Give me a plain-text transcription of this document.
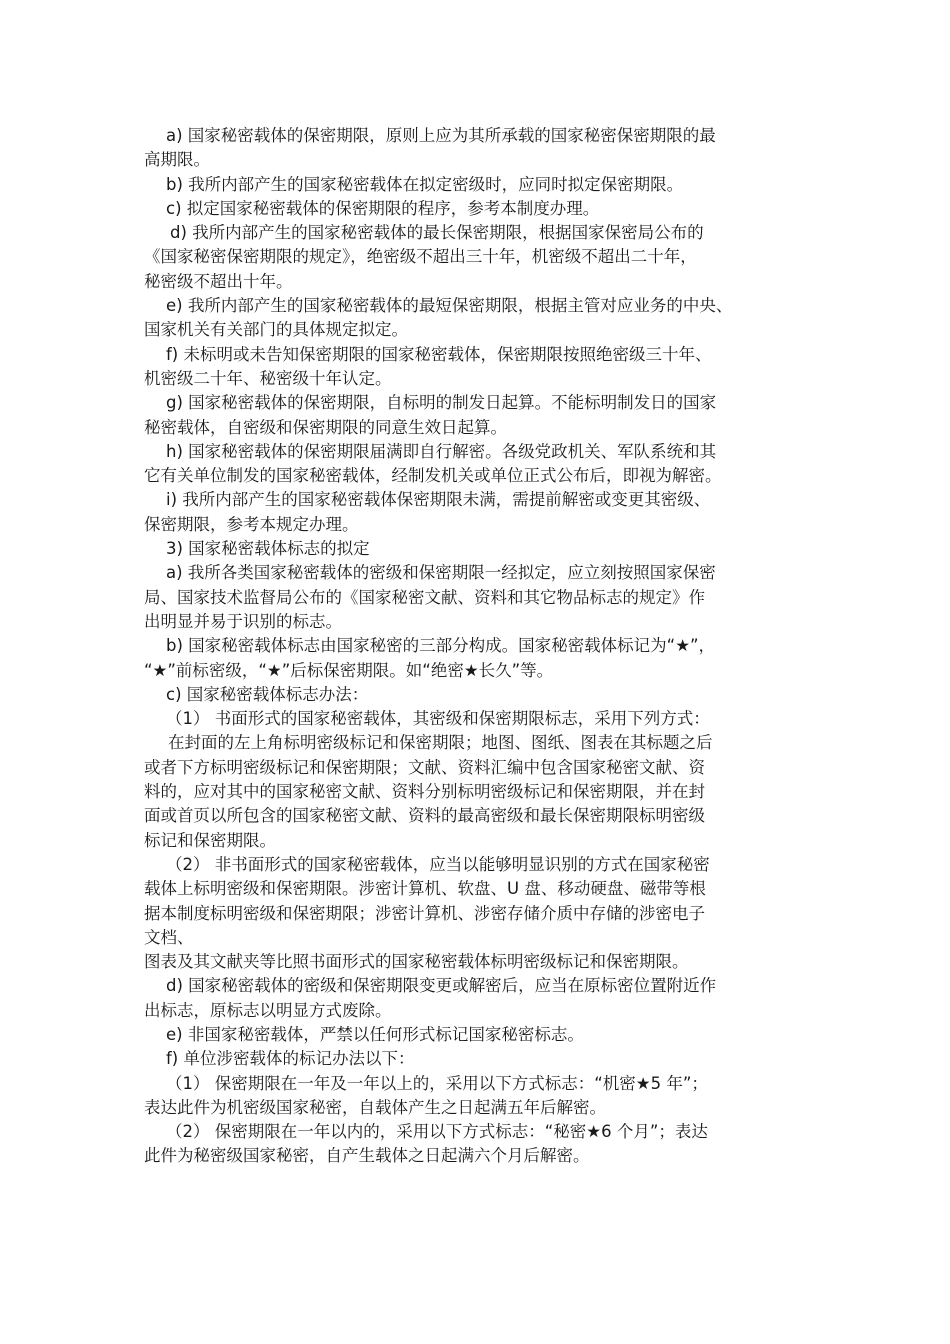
a) 国家秘密载体的保密期限，原则上应为其所承载的国家秘密保密期限的最
高期限。
b) 我所内部产生的国家秘密载体在拟定密级时，应同时拟定保密期限。
c) 拟定国家秘密载体的保密期限的程序，参考本制度办理。
d) 我所内部产生的国家秘密载体的最长保密期限，根据国家保密局公布的
《国家秘密保密期限的规定》，绝密级不超出三十年，机密级不超出二十年，
秘密级不超出十年。
e) 我所内部产生的国家秘密载体的最短保密期限，根据主管对应业务的中央、
国家机关有关部门的具体规定拟定。
f) 未标明或未告知保密期限的国家秘密载体，保密期限按照绝密级三十年、
机密级二十年、秘密级十年认定。
g) 国家秘密载体的保密期限，自标明的制发日起算。不能标明制发日的国家
秘密载体，自密级和保密期限的同意生效日起算。
h) 国家秘密载体的保密期限届满即自行解密。各级党政机关、军队系统和其
它有关单位制发的国家秘密载体，经制发机关或单位正式公布后，即视为解密。
i) 我所内部产生的国家秘密载体保密期限未满，需提前解密或变更其密级、
保密期限，参考本规定办理。
3) 国家秘密载体标志的拟定
a) 我所各类国家秘密载体的密级和保密期限一经拟定，应立刻按照国家保密
局、国家技术监督局公布的《国家秘密文献、资料和其它物品标志的规定》作
出明显并易于识别的标志。
b) 国家秘密载体标志由国家秘密的三部分构成。国家秘密载体标记为“★”，
“★”前标密级，“★”后标保密期限。如“绝密★长久”等。
c) 国家秘密载体标志办法：
（1） 书面形式的国家秘密载体，其密级和保密期限标志，采用下列方式：
在封面的左上角标明密级标记和保密期限；地图、图纸、图表在其标题之后
或者下方标明密级标记和保密期限；文献、资料汇编中包含国家秘密文献、资
料的，应对其中的国家秘密文献、资料分别标明密级标记和保密期限，并在封
面或首页以所包含的国家秘密文献、资料的最高密级和最长保密期限标明密级
标记和保密期限。
（2） 非书面形式的国家秘密载体，应当以能够明显识别的方式在国家秘密
载体上标明密级和保密期限。涉密计算机、软盘、U 盘、移动硬盘、磁带等根
据本制度标明密级和保密期限；涉密计算机、涉密存储介质中存储的涉密电子
文档、
图表及其文献夹等比照书面形式的国家秘密载体标明密级标记和保密期限。
d) 国家秘密载体的密级和保密期限变更或解密后，应当在原标密位置附近作
出标志，原标志以明显方式废除。
e) 非国家秘密载体，严禁以任何形式标记国家秘密标志。
f) 单位涉密载体的标记办法以下：
（1） 保密期限在一年及一年以上的，采用以下方式标志：“机密★5 年”；
表达此件为机密级国家秘密，自载体产生之日起满五年后解密。
（2） 保密期限在一年以内的，采用以下方式标志：“秘密★6 个月”；表达
此件为秘密级国家秘密，自产生载体之日起满六个月后解密。
